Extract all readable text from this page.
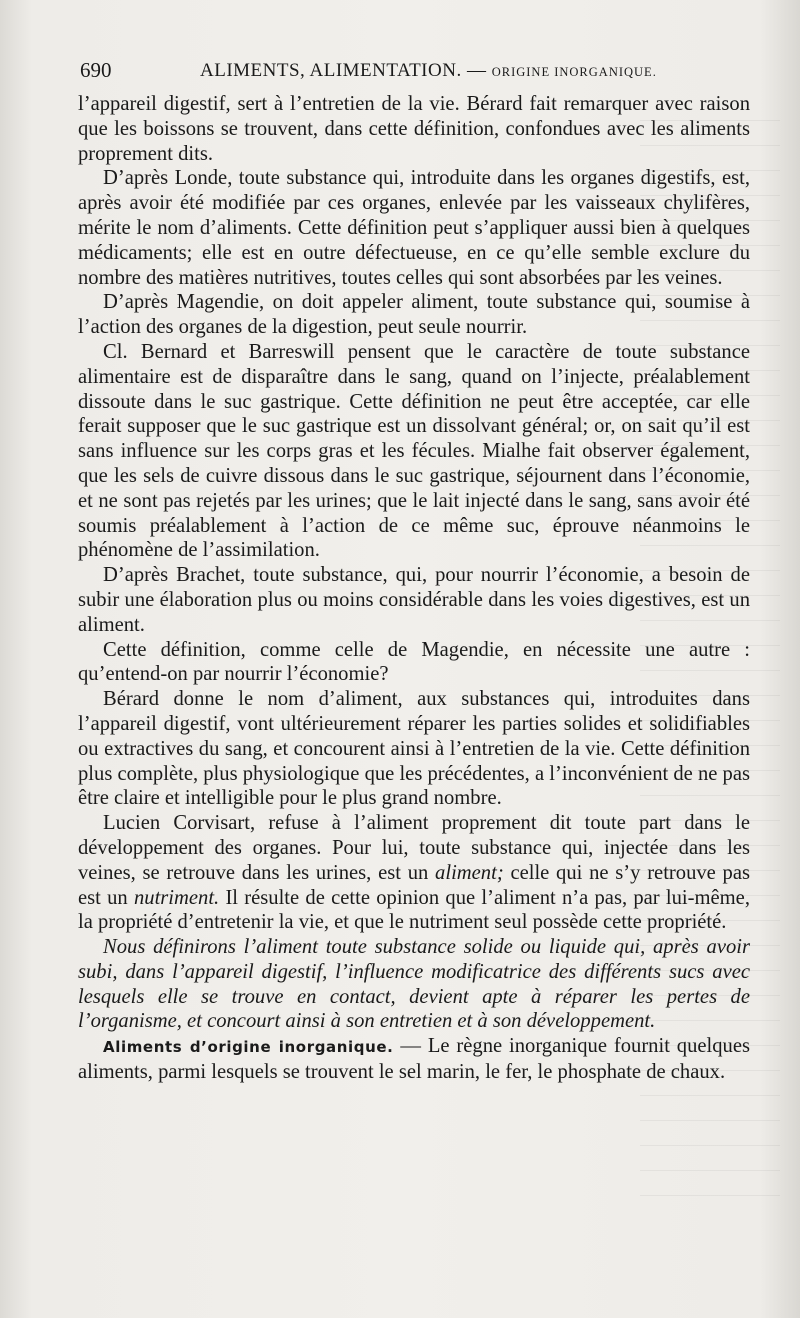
690	ALIMENTS, ALIMENTATION. — ORIGINE INORGANIQUE.

l’appareil digestif, sert à l’entretien de la vie. Bérard fait remarquer avec raison que les boissons se trouvent, dans cette définition, confondues avec les aliments proprement dits.

D’après Londe, toute substance qui, introduite dans les organes digestifs, est, après avoir été modifiée par ces organes, enlevée par les vaisseaux chylifères, mérite le nom d’aliments. Cette définition peut s’appliquer aussi bien à quelques médicaments; elle est en outre défectueuse, en ce qu’elle semble exclure du nombre des matières nutritives, toutes celles qui sont absorbées par les veines.

D’après Magendie, on doit appeler aliment, toute substance qui, soumise à l’action des organes de la digestion, peut seule nourrir.

Cl. Bernard et Barreswill pensent que le caractère de toute substance alimentaire est de disparaître dans le sang, quand on l’injecte, préalablement dissoute dans le suc gastrique. Cette définition ne peut être acceptée, car elle ferait supposer que le suc gastrique est un dissolvant général; or, on sait qu’il est sans influence sur les corps gras et les fécules. Mialhe fait observer également, que les sels de cuivre dissous dans le suc gastrique, séjournent dans l’économie, et ne sont pas rejetés par les urines; que le lait injecté dans le sang, sans avoir été soumis préalablement à l’action de ce même suc, éprouve néanmoins le phénomène de l’assimilation.

D’après Brachet, toute substance, qui, pour nourrir l’économie, a besoin de subir une élaboration plus ou moins considérable dans les voies digestives, est un aliment.

Cette définition, comme celle de Magendie, en nécessite une autre : qu’entend-on par nourrir l’économie?

Bérard donne le nom d’aliment, aux substances qui, introduites dans l’appareil digestif, vont ultérieurement réparer les parties solides et solidifiables ou extractives du sang, et concourent ainsi à l’entretien de la vie. Cette définition plus complète, plus physiologique que les précédentes, a l’inconvénient de ne pas être claire et intelligible pour le plus grand nombre.

Lucien Corvisart, refuse à l’aliment proprement dit toute part dans le développement des organes. Pour lui, toute substance qui, injectée dans les veines, se retrouve dans les urines, est un aliment; celle qui ne s’y retrouve pas est un nutriment. Il résulte de cette opinion que l’aliment n’a pas, par lui-même, la propriété d’entretenir la vie, et que le nutriment seul possède cette propriété.

Nous définirons l’aliment toute substance solide ou liquide qui, après avoir subi, dans l’appareil digestif, l’influence modificatrice des différents sucs avec lesquels elle se trouve en contact, devient apte à réparer les pertes de l’organisme, et concourt ainsi à son entretien et à son développement.

Aliments d’origine inorganique. — Le règne inorganique fournit quelques aliments, parmi lesquels se trouvent le sel marin, le fer, le phosphate de chaux.
